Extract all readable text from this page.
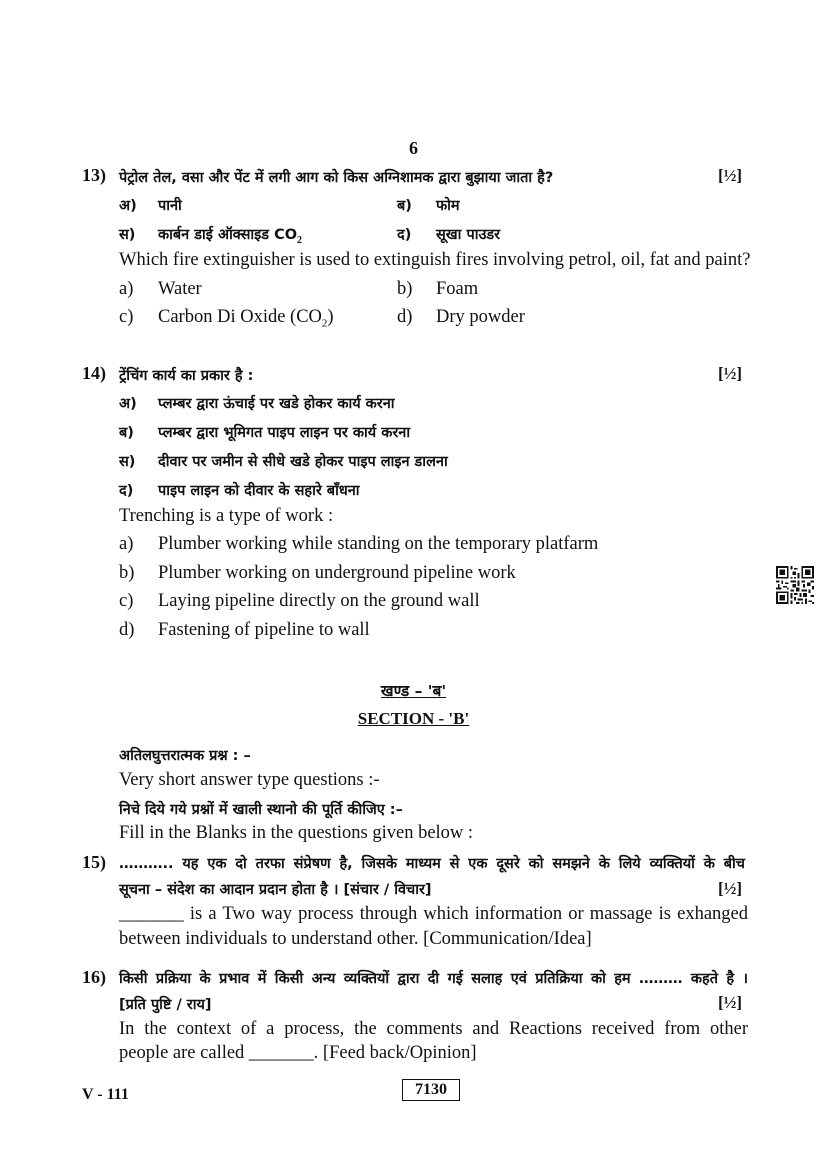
6
13) पेट्रोल तेल, वसा और पेंट में लगी आग को किस अग्निशामक द्वारा बुझाया जाता है?	[½]
अ) पानी	ब) फोम
स) कार्बन डाई ऑक्साइड $CO_2$	द) सूखा पाउडर
Which fire extinguisher is used to extinguish fires involving petrol, oil, fat and paint?
a) Water	b) Foam
c) Carbon Di Oxide $(CO_2)$	d) Dry powder
14) ट्रेंचिंग कार्य का प्रकार है :	[½]
अ) प्लम्बर द्वारा ऊंचाई पर खडे होकर कार्य करना
ब) प्लम्बर द्वारा भूमिगत पाइप लाइन पर कार्य करना
स) दीवार पर जमीन से सीधे खडे होकर पाइप लाइन डालना
द) पाइप लाइन को दीवार के सहारे बाँधना
Trenching is a type of work :
a) Plumber working while standing on the temporary platfarm
b) Plumber working on underground pipeline work
c) Laying pipeline directly on the ground wall
d) Fastening of pipeline to wall
खण्ड – 'ब'
SECTION - 'B'
अतिलघुत्तरात्मक प्रश्न : –
Very short answer type questions :-
निचे दिये गये प्रश्नों में खाली स्थानो की पूर्ति कीजिए :–
Fill in the Blanks in the questions given below :
15) ……….. यह एक दो तरफा संप्रेषण है, जिसके माध्यम से एक दूसरे को समझने के लिये व्यक्तियों के बीच
सूचना – संदेश का आदान प्रदान होता है । [संचार / विचार]	[½]
_______ is a Two way process through which information or massage is exhanged
between individuals to understand other. [Communication/Idea]
16) किसी प्रक्रिया के प्रभाव में किसी अन्य व्यक्तियों द्वारा दी गई सलाह एवं प्रतिक्रिया को हम ……… कहते है ।
[प्रति पुष्टि / राय]	[½]
In the context of a process, the comments and Reactions received from other
people are called _______. [Feed back/Opinion]
V - 111	7130
